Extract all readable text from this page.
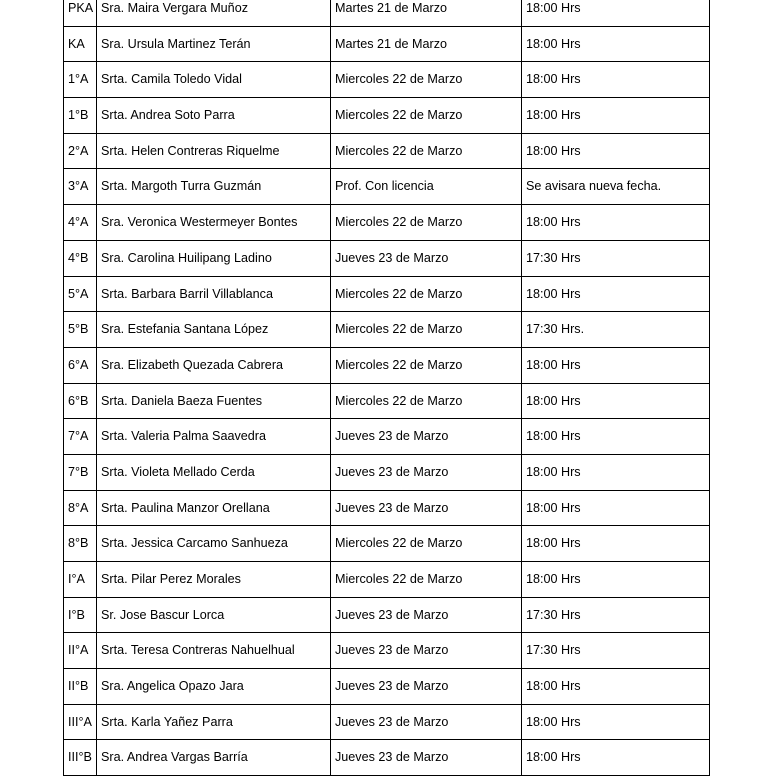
PKA	Sra. Maira Vergara Muñoz	Martes 21 de Marzo	18:00 Hrs
KA	Sra. Ursula Martinez Terán	Martes 21 de Marzo	18:00 Hrs
1°A	Srta. Camila Toledo Vidal	Miercoles 22 de Marzo	18:00 Hrs
1°B	Srta. Andrea Soto Parra	Miercoles 22 de Marzo	18:00 Hrs
2°A	Srta. Helen Contreras Riquelme	Miercoles 22 de Marzo	18:00 Hrs
3°A	Srta. Margoth Turra Guzmán	Prof. Con licencia	Se avisara nueva fecha.
4°A	Sra. Veronica Westermeyer Bontes	Miercoles 22 de Marzo	18:00 Hrs
4°B	Sra. Carolina Huilipang Ladino	Jueves 23 de Marzo	17:30 Hrs
5°A	Srta. Barbara Barril Villablanca	Miercoles 22 de Marzo	18:00 Hrs
5°B	Sra. Estefania Santana López	Miercoles 22 de Marzo	17:30 Hrs.
6°A	Sra. Elizabeth Quezada Cabrera	Miercoles 22 de Marzo	18:00 Hrs
6°B	Srta. Daniela Baeza Fuentes	Miercoles 22 de Marzo	18:00 Hrs
7°A	Srta. Valeria Palma Saavedra	Jueves 23 de Marzo	18:00 Hrs
7°B	Srta. Violeta Mellado Cerda	Jueves 23 de Marzo	18:00 Hrs
8°A	Srta. Paulina Manzor Orellana	Jueves 23 de Marzo	18:00 Hrs
8°B	Srta. Jessica Carcamo Sanhueza	Miercoles 22 de Marzo	18:00 Hrs
I°A	Srta. Pilar Perez Morales	Miercoles 22 de Marzo	18:00 Hrs
I°B	Sr. Jose Bascur Lorca	Jueves 23 de Marzo	17:30 Hrs
II°A	Srta. Teresa Contreras Nahuelhual	Jueves 23 de Marzo	17:30 Hrs
II°B	Sra. Angelica Opazo Jara	Jueves 23 de Marzo	18:00 Hrs
III°A	Srta. Karla Yañez Parra	Jueves 23 de Marzo	18:00 Hrs
III°B	Sra. Andrea Vargas Barría	Jueves 23 de Marzo	18:00 Hrs
